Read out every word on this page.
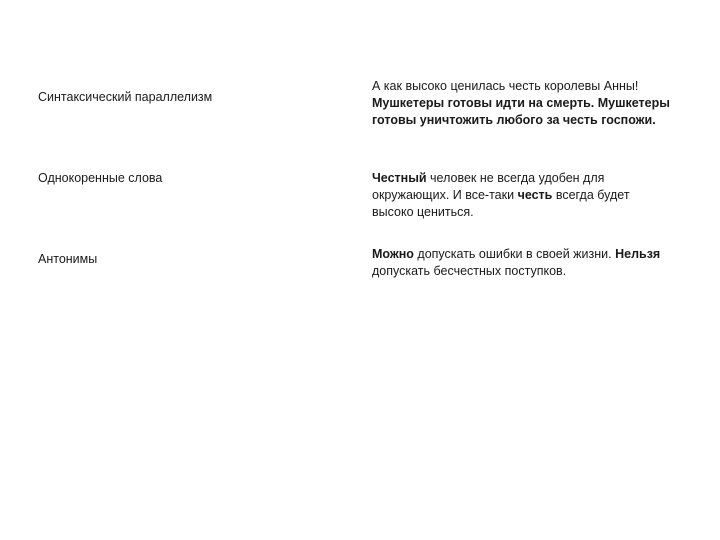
Синтаксический параллелизм
А как высоко ценилась честь королевы Анны!
Мушкетеры готовы идти на смерть. Мушкетеры
готовы уничтожить любого за честь госпожи.
Однокоренные слова	Честный человек не всегда удобен для
окружающих. И все-таки честь всегда будет
высоко цениться.
Антонимы	Можно допускать ошибки в своей жизни. Нельзя
допускать бесчестных поступков.
